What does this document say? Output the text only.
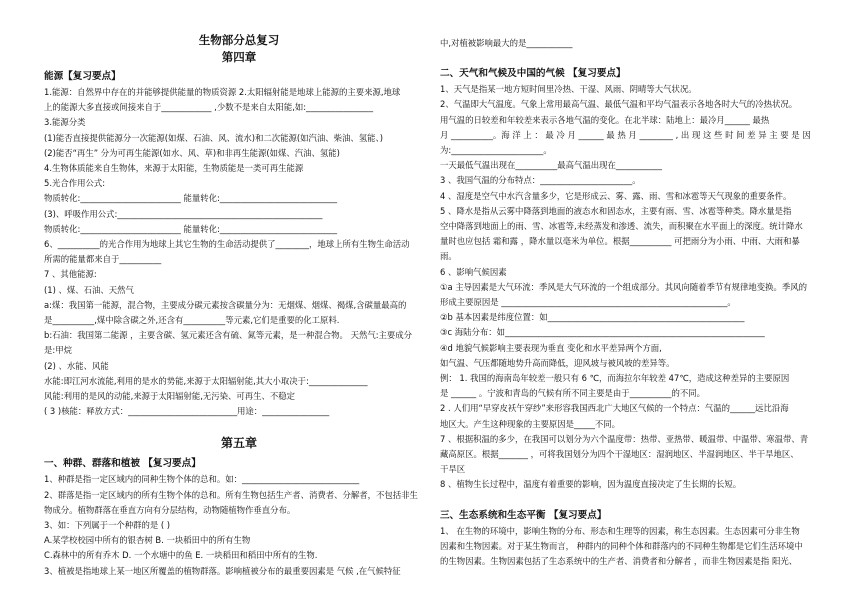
生物部分总复习
第四章
能源【复习要点】
1.能源：自然界中存在的并能够提供能量的物质资源 2.太阳辐射能是地球上能源的主要来源,地球
上的能源大多直接或间接来自于____________ ,少数不是来自太阳能,如:________________
3.能源分类
(1)能否直接提供能源分一次能源(如煤、石油、风、流水)和二次能源(如汽油、柴油、氢能、)
(2)能否“再生” 分为可再生能源(如水、风、草)和非再生能源(如煤、汽油、氢能)
4.生物体质能来自生物体，来源于太阳能，生物质能是一类可再生能源
5.光合作用公式:
物质转化:________________________ 能量转化:____________________________
(3)、呼吸作用公式:_________________________________________________
物质转化:________________________ 能量转化:____________________________
6、__________的光合作用为地球上其它生物的生命活动提供了________，地球上所有生物生命活动
所需的能量都来自于__________
7 、其他能源:
(1) 、煤、石油、天然气
a:煤：我国第一能源，混合物，主要成分碳元素按含碳量分为：无烟煤、烟煤、褐煤,含碳量最高的
是__________,煤中除含碳之外,还含有__________等元素,它们是重要的化工原料.
b:石油：我国第二能源 ，主要含碳、氢元素还含有硫、氮等元素，是一种混合物。 天然气:主要成分
是:甲烷
(2) 、水能、风能
水能:即江河水流能,利用的是水的势能,来源于太阳辐射能,其大小取决于:______________
风能:利用的是风的动能,来源于太阳辐射能,无污染、可再生、不稳定
( 3 )核能：释放方式：__________________________用途：________________
第五章
一、种群、群落和植被 【复习要点】
1、种群是指一定区域内的同种生物个体的总和。如：____________________________
2、群落是指一定区域内的所有生物个体的总和。所有生物包括生产者、消费者、分解者，不包括非生
物成分。植物群落在垂直方向有分层结构，动物随植物作垂直分布。
3、如：下列属于一个种群的是 ( )
A.某学校校园中所有的银杏树 B. 一块稻田中的所有生物
C.森林中的所有乔木 D. 一个水塘中的鱼 E. 一块稻田和稻田中所有的生物.
3、植被是指地球上某一地区所覆盖的植物群落。影响植被分布的最重要因素是 气候 ,在气候特征
中,对植被影响最大的是___________
二、天气和气候及中国的气候 【复习要点】
1、天气是指某一地方短时间里冷热、干湿、风雨、阴晴等大气状况。
2、气温即大气温度。气象上常用最高气温、最低气温和平均气温表示各地各时大气的冷热状况。
用气温的日较差和年较差来表示各地气温的变化。在北半球：陆地上：最冷月______ 最热
月 __________。海 洋 上 ： 最 冷 月 ______ 最 热 月 ________ , 出 现 这 些 时 间 差 异 主 要 是 因
为:______________________。
一天最低气温出现在__________最高气温出现在___________
3 、我国气温的分布特点：______________________。
4 、湿度是空气中水汽含量多少，它是形成云、雾、露、雨、雪和冰雹等天气现象的重要条件。
5 、降水是指从云雾中降落到地面的液态水和固态水，主要有雨、雪、冰雹等种类。降水量是指
空中降落到地面上的雨、雪、冰雹等,未经蒸发和渗透、流失，而积聚在水平面上的深度。统计降水
量时也应包括 霜和露 ，降水量以毫米为单位。根据__________ 可把雨分为小雨、中雨、大雨和暴
雨。
6 、影响气候因素
①a 主导因素是大气环流：季风是大气环流的一个组成部分。其风向随着季节有规律地变换。季风的
形成主要原因是 ______________________________________________________。
②b 基本因素是纬度位置：如_______________________________________________
③c 海陆分布：如______________________________________________________________
④d 地貌气候影响主要表现为垂直 变化和水平差异两个方面,
如气温、气压都随地势升高而降低，迎风坡与被风坡的差异等。
例： 1. 我国的海南岛年较差一般只有 6 ℃，而海拉尔年较差 47℃，造成这种差异的主要原因
是 ______ 。宁波和青岛的气候有所不同主要是由于__________的不同。
2 . 人们用“早穿皮袄午穿纱”来形容我国西北广大地区气候的一个特点：气温的______远比沿海
地区大。产生这种现象的主要原因是_____不同。
7 、根据积温的多少，在我国可以划分为六个温度带：热带、亚热带、暖温带、中温带、寒温带、青
藏高原区。根据_______ ，可将我国划分为四个干湿地区：湿润地区、半湿润地区、半干旱地区、
干旱区
8 、植物生长过程中，温度有着重要的影响，因为温度直接决定了生长期的长短。
三、生态系统和生态平衡 【复习要点】
1、 在生物的环境中，影响生物的分布、形态和生理等的因素，称生态因素。生态因素可分非生物
因素和生物因素。对于某生物而言， 种群内的同种个体和群落内的不同种生物都是它们生活环境中
的生物因素。生物因素包括了生态系统中的生产者、消费者和分解者 ，而非生物因素是指 阳光、
